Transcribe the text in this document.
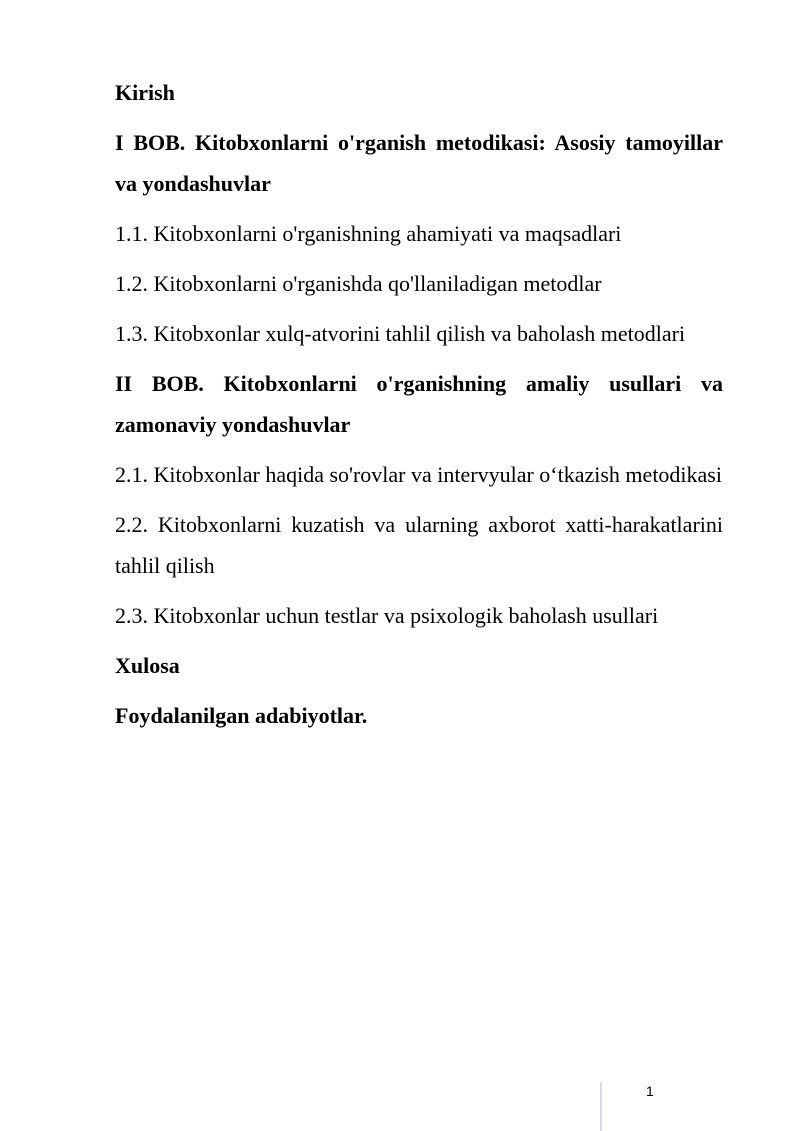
Kirish

I BOB. Kitobxonlarni o'rganish metodikasi: Asosiy tamoyillar va yondashuvlar

1.1. Kitobxonlarni o'rganishning ahamiyati va maqsadlari

1.2. Kitobxonlarni o'rganishda qo'llaniladigan metodlar

1.3. Kitobxonlar xulq-atvorini tahlil qilish va baholash metodlari

II BOB. Kitobxonlarni o'rganishning amaliy usullari va zamonaviy yondashuvlar

2.1. Kitobxonlar haqida so'rovlar va intervyular o‘tkazish metodikasi

2.2. Kitobxonlarni kuzatish va ularning axborot xatti-harakatlarini tahlil qilish

2.3. Kitobxonlar uchun testlar va psixologik baholash usullari

Xulosa

Foydalanilgan adabiyotlar.

1
